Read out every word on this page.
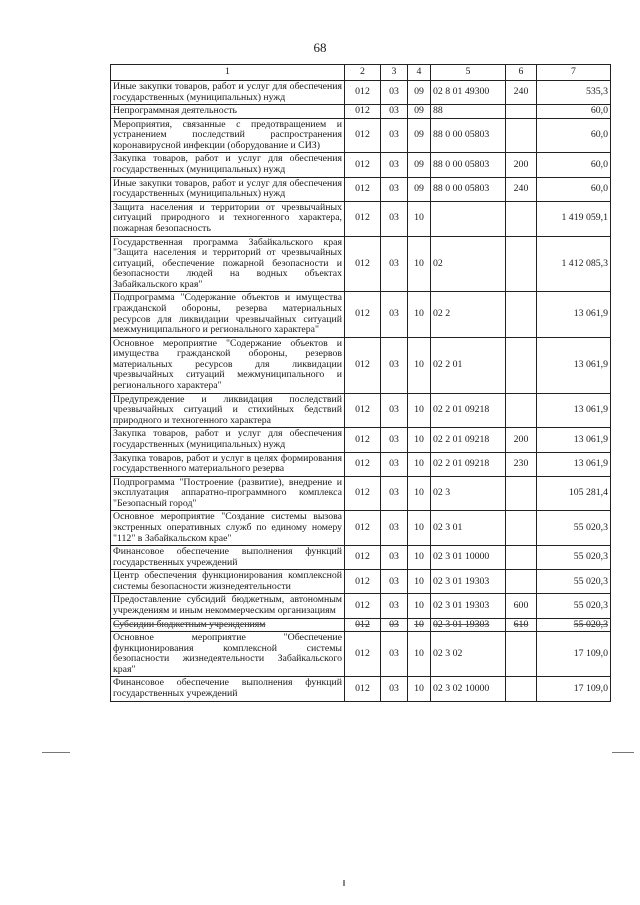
68
1	2	3	4	5	6	7
Иные закупки товаров, работ и услуг для обеспечения государственных (муниципальных) нужд	012	03	09	02 8 01 49300	240	535,3
Непрограммная деятельность	012	03	09	88		60,0
Мероприятия, связанные с предотвращением и устранением последствий распространения коронавирусной инфекции (оборудование и СИЗ)	012	03	09	88 0 00 05803		60,0
Закупка товаров, работ и услуг для обеспечения государственных (муниципальных) нужд	012	03	09	88 0 00 05803	200	60,0
Иные закупки товаров, работ и услуг для обеспечения государственных (муниципальных) нужд	012	03	09	88 0 00 05803	240	60,0
Защита населения и территории от чрезвычайных ситуаций природного и техногенного характера, пожарная безопасность	012	03	10			1 419 059,1
Государственная программа Забайкальского края "Защита населения и территорий от чрезвычайных ситуаций, обеспечение пожарной безопасности и безопасности людей на водных объектах Забайкальского края"	012	03	10	02		1 412 085,3
Подпрограмма "Содержание объектов и имущества гражданской обороны, резерва материальных ресурсов для ликвидации чрезвычайных ситуаций межмуниципального и регионального характера"	012	03	10	02 2		13 061,9
Основное мероприятие "Содержание объектов и имущества гражданской обороны, резервов материальных ресурсов для ликвидации чрезвычайных ситуаций межмуниципального и регионального характера"	012	03	10	02 2 01		13 061,9
Предупреждение и ликвидация последствий чрезвычайных ситуаций и стихийных бедствий природного и техногенного характера	012	03	10	02 2 01 09218		13 061,9
Закупка товаров, работ и услуг для обеспечения государственных (муниципальных) нужд	012	03	10	02 2 01 09218	200	13 061,9
Закупка товаров, работ и услуг в целях формирования государственного материального резерва	012	03	10	02 2 01 09218	230	13 061,9
Подпрограмма "Построение (развитие), внедрение и эксплуатация аппаратно-программного комплекса "Безопасный город"	012	03	10	02 3		105 281,4
Основное мероприятие "Создание системы вызова экстренных оперативных служб по единому номеру "112" в Забайкальском крае"	012	03	10	02 3 01		55 020,3
Финансовое обеспечение выполнения функций государственных учреждений	012	03	10	02 3 01 10000		55 020,3
Центр обеспечения функционирования комплексной системы безопасности жизнедеятельности	012	03	10	02 3 01 19303		55 020,3
Предоставление субсидий бюджетным, автономным учреждениям и иным некоммерческим организациям	012	03	10	02 3 01 19303	600	55 020,3
Субсидии бюджетным учреждениям	012	03	10	02 3 01 19303	610	55 020,3
Основное мероприятие "Обеспечение функционирования комплексной системы безопасности жизнедеятельности Забайкальского края"	012	03	10	02 3 02		17 109,0
Финансовое обеспечение выполнения функций государственных учреждений	012	03	10	02 3 02 10000		17 109,0
